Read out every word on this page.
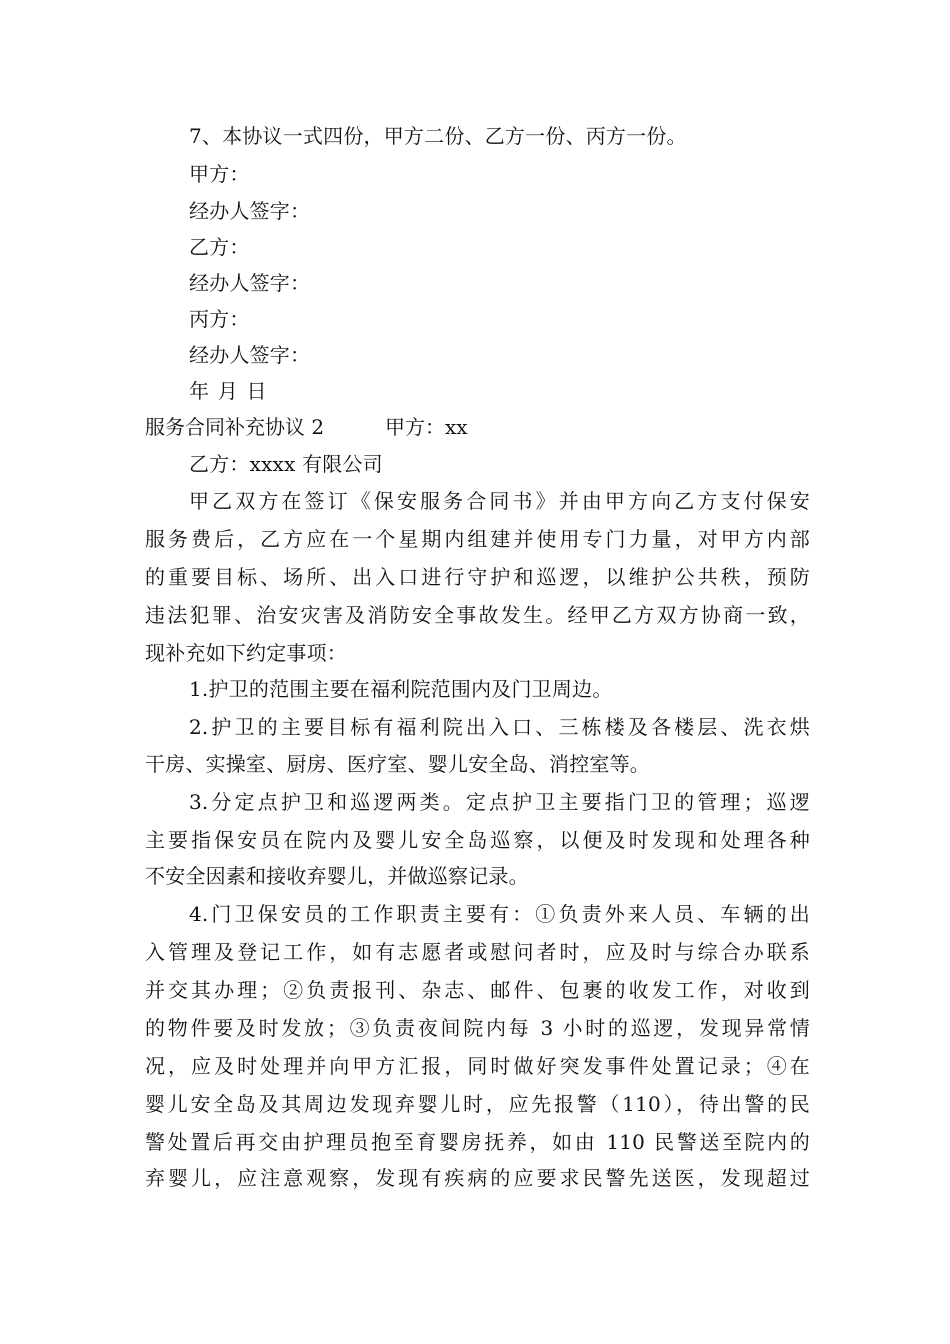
7、本协议一式四份，甲方二份、乙方一份、丙方一份。
甲方：
经办人签字：
乙方：
经办人签字：
丙方：
经办人签字：
年 月 日
服务合同补充协议 2	甲方：xx
乙方：xxxx 有限公司
甲乙双方在签订《保安服务合同书》并由甲方向乙方支付保安
服务费后，乙方应在一个星期内组建并使用专门力量，对甲方内部
的重要目标、场所、出入口进行守护和巡逻，以维护公共秩，预防
违法犯罪、治安灾害及消防安全事故发生。经甲乙方双方协商一致，
现补充如下约定事项：
1.护卫的范围主要在福利院范围内及门卫周边。
2.护卫的主要目标有福利院出入口、三栋楼及各楼层、洗衣烘
干房、实操室、厨房、医疗室、婴儿安全岛、消控室等。
3.分定点护卫和巡逻两类。定点护卫主要指门卫的管理；巡逻
主要指保安员在院内及婴儿安全岛巡察，以便及时发现和处理各种
不安全因素和接收弃婴儿，并做巡察记录。
4.门卫保安员的工作职责主要有：①负责外来人员、车辆的出
入管理及登记工作，如有志愿者或慰问者时，应及时与综合办联系
并交其办理；②负责报刊、杂志、邮件、包裹的收发工作，对收到
的物件要及时发放；③负责夜间院内每 3 小时的巡逻，发现异常情
况，应及时处理并向甲方汇报，同时做好突发事件处置记录；④在
婴儿安全岛及其周边发现弃婴儿时，应先报警（110），待出警的民
警处置后再交由护理员抱至育婴房抚养，如由 110 民警送至院内的
弃婴儿，应注意观察，发现有疾病的应要求民警先送医，发现超过
